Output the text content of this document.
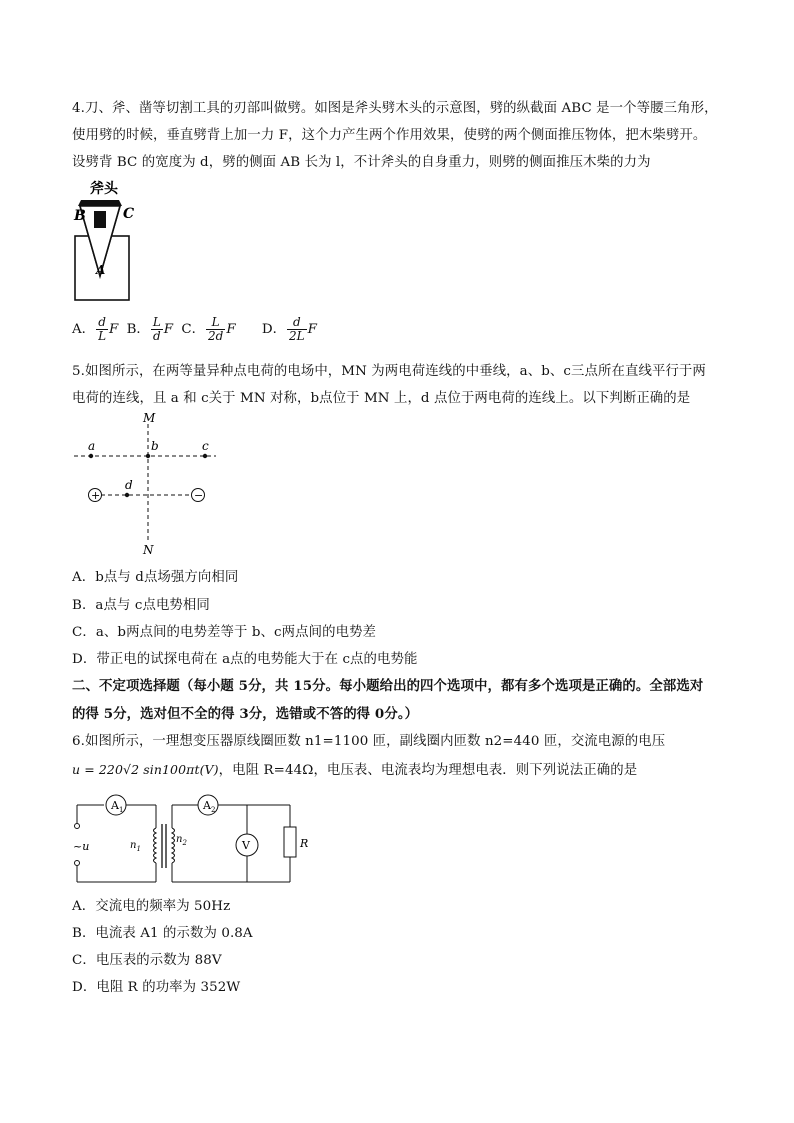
4.刀、斧、凿等切割工具的刃部叫做劈。如图是斧头劈木头的示意图，劈的纵截面 ABC 是一个等腰三角形，
使用劈的时候，垂直劈背上加一力 F，这个力产生两个作用效果，使劈的两个侧面推压物体，把木柴劈开。
设劈背 BC 的宽度为 d，劈的侧面 AB 长为 l，不计斧头的自身重力，则劈的侧面推压木柴的力为
斧头
B	C
A
A． $\frac{d}{L}$ F B． $\frac{L}{d}$ F C． $\frac{L}{2d}$ F D． $\frac{d}{2L}$ F
5.如图所示，在两等量异种点电荷的电场中，MN 为两电荷连线的中垂线，a、b、c三点所在直线平行于两
电荷的连线，且 a 和 c关于 MN 对称，b点位于 MN 上，d 点位于两电荷的连线上。以下判断正确的是
+	−
M
N
a	b	c
d
A．b点与 d点场强方向相同
B．a点与 c点电势相同
C．a、b两点间的电势差等于 b、c两点间的电势差
D．带正电的试探电荷在 a点的电势能大于在 c点的电势能
二、不定项选择题（每小题 5分，共 15分。每小题给出的四个选项中，都有多个选项是正确的。全部选对
的得 5分，选对但不全的得 3分，选错或不答的得 0分。）
6.如图所示，一理想变压器原线圈匝数 n1=1100 匝，副线圈内匝数 n2=440 匝，交流电源的电压
u = 220√2 sin100πt(V)，电阻 R=44Ω，电压表、电流表均为理想电表．则下列说法正确的是
$A_1$	$A_2$
V	R
~u	$n_1$
$n_2$
A．交流电的频率为 50Hz
B．电流表 A1 的示数为 0.8A
C．电压表的示数为 88V
D．电阻 R 的功率为 352W
